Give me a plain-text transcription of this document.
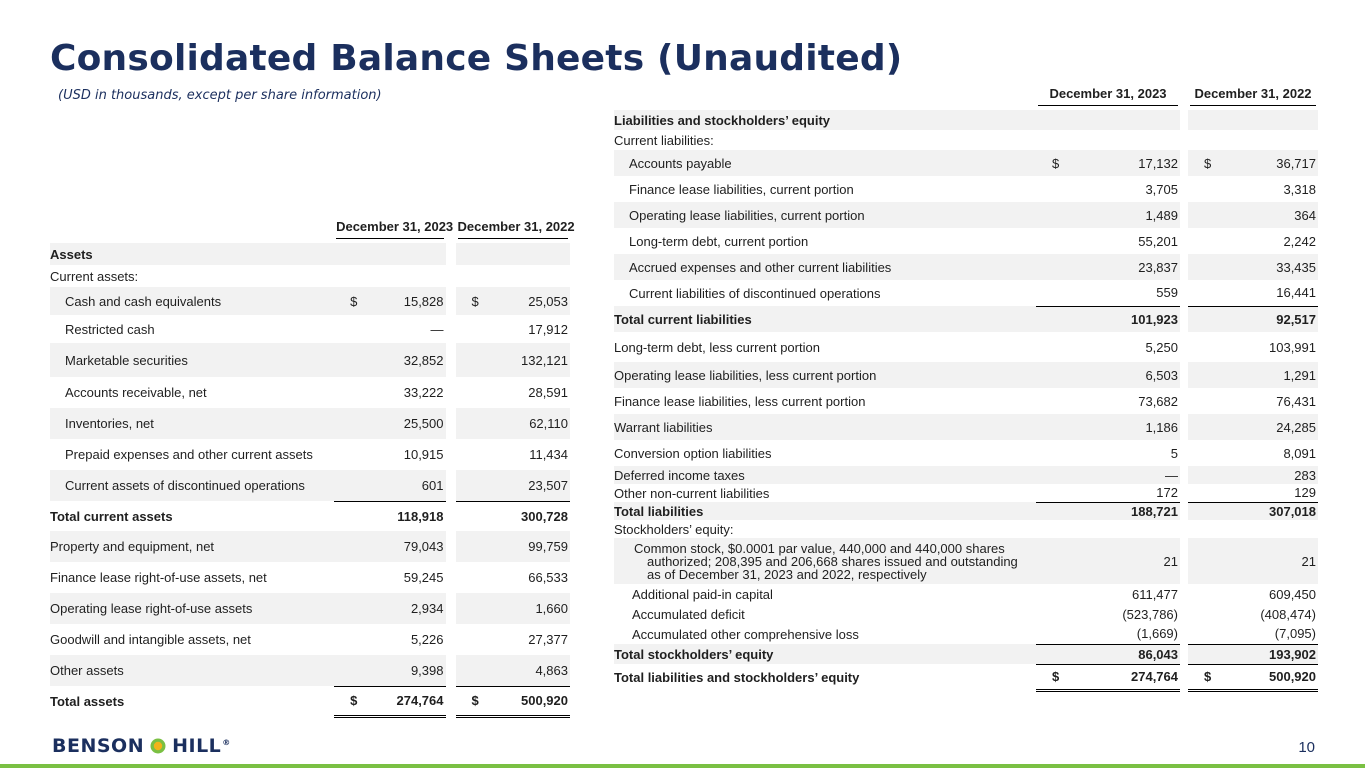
Consolidated Balance Sheets (Unaudited)
(USD in thousands, except per share information)

	December 31, 2023		December 31, 2022

Assets			

Current assets:			

Cash and cash equivalents	$ 15,828		$ 25,053

Restricted cash	—		17,912

Marketable securities	32,852		132,121

Accounts receivable, net	33,222		28,591

Inventories, net	25,500		62,110

Prepaid expenses and other current assets	10,915		11,434

Current assets of discontinued operations	601		23,507

Total current assets	118,918		300,728

Property and equipment, net	79,043		99,759

Finance lease right-of-use assets, net	59,245		66,533

Operating lease right-of-use assets	2,934		1,660

Goodwill and intangible assets, net	5,226		27,377

Other assets	9,398		4,863

Total assets	$ 274,764		$ 500,920

	December 31, 2023		December 31, 2022

Liabilities and stockholders’ equity			

Current liabilities:			

Accounts payable	$ 17,132		$ 36,717

Finance lease liabilities, current portion	3,705		3,318

Operating lease liabilities, current portion	1,489		364

Long-term debt, current portion	55,201		2,242

Accrued expenses and other current liabilities	23,837		33,435

Current liabilities of discontinued operations	559		16,441

Total current liabilities	101,923		92,517

Long-term debt, less current portion	5,250		103,991

Operating lease liabilities, less current portion	6,503		1,291

Finance lease liabilities, less current portion	73,682		76,431

Warrant liabilities	1,186		24,285

Conversion option liabilities	5		8,091

Deferred income taxes	—		283

Other non-current liabilities	172		129

Total liabilities	188,721		307,018

Stockholders’ equity:			

Common stock, $0.0001 par value, 440,000 and 440,000 shares authorized; 208,395 and 206,668 shares issued and outstanding as of December 31, 2023 and 2022, respectively	21		21

Additional paid-in capital	611,477		609,450

Accumulated deficit	(523,786)		(408,474)

Accumulated other comprehensive loss	(1,669)		(7,095)

Total stockholders’ equity	86,043		193,902

Total liabilities and stockholders’ equity	$ 274,764		$ 500,920
BENSON HILL ®	10
